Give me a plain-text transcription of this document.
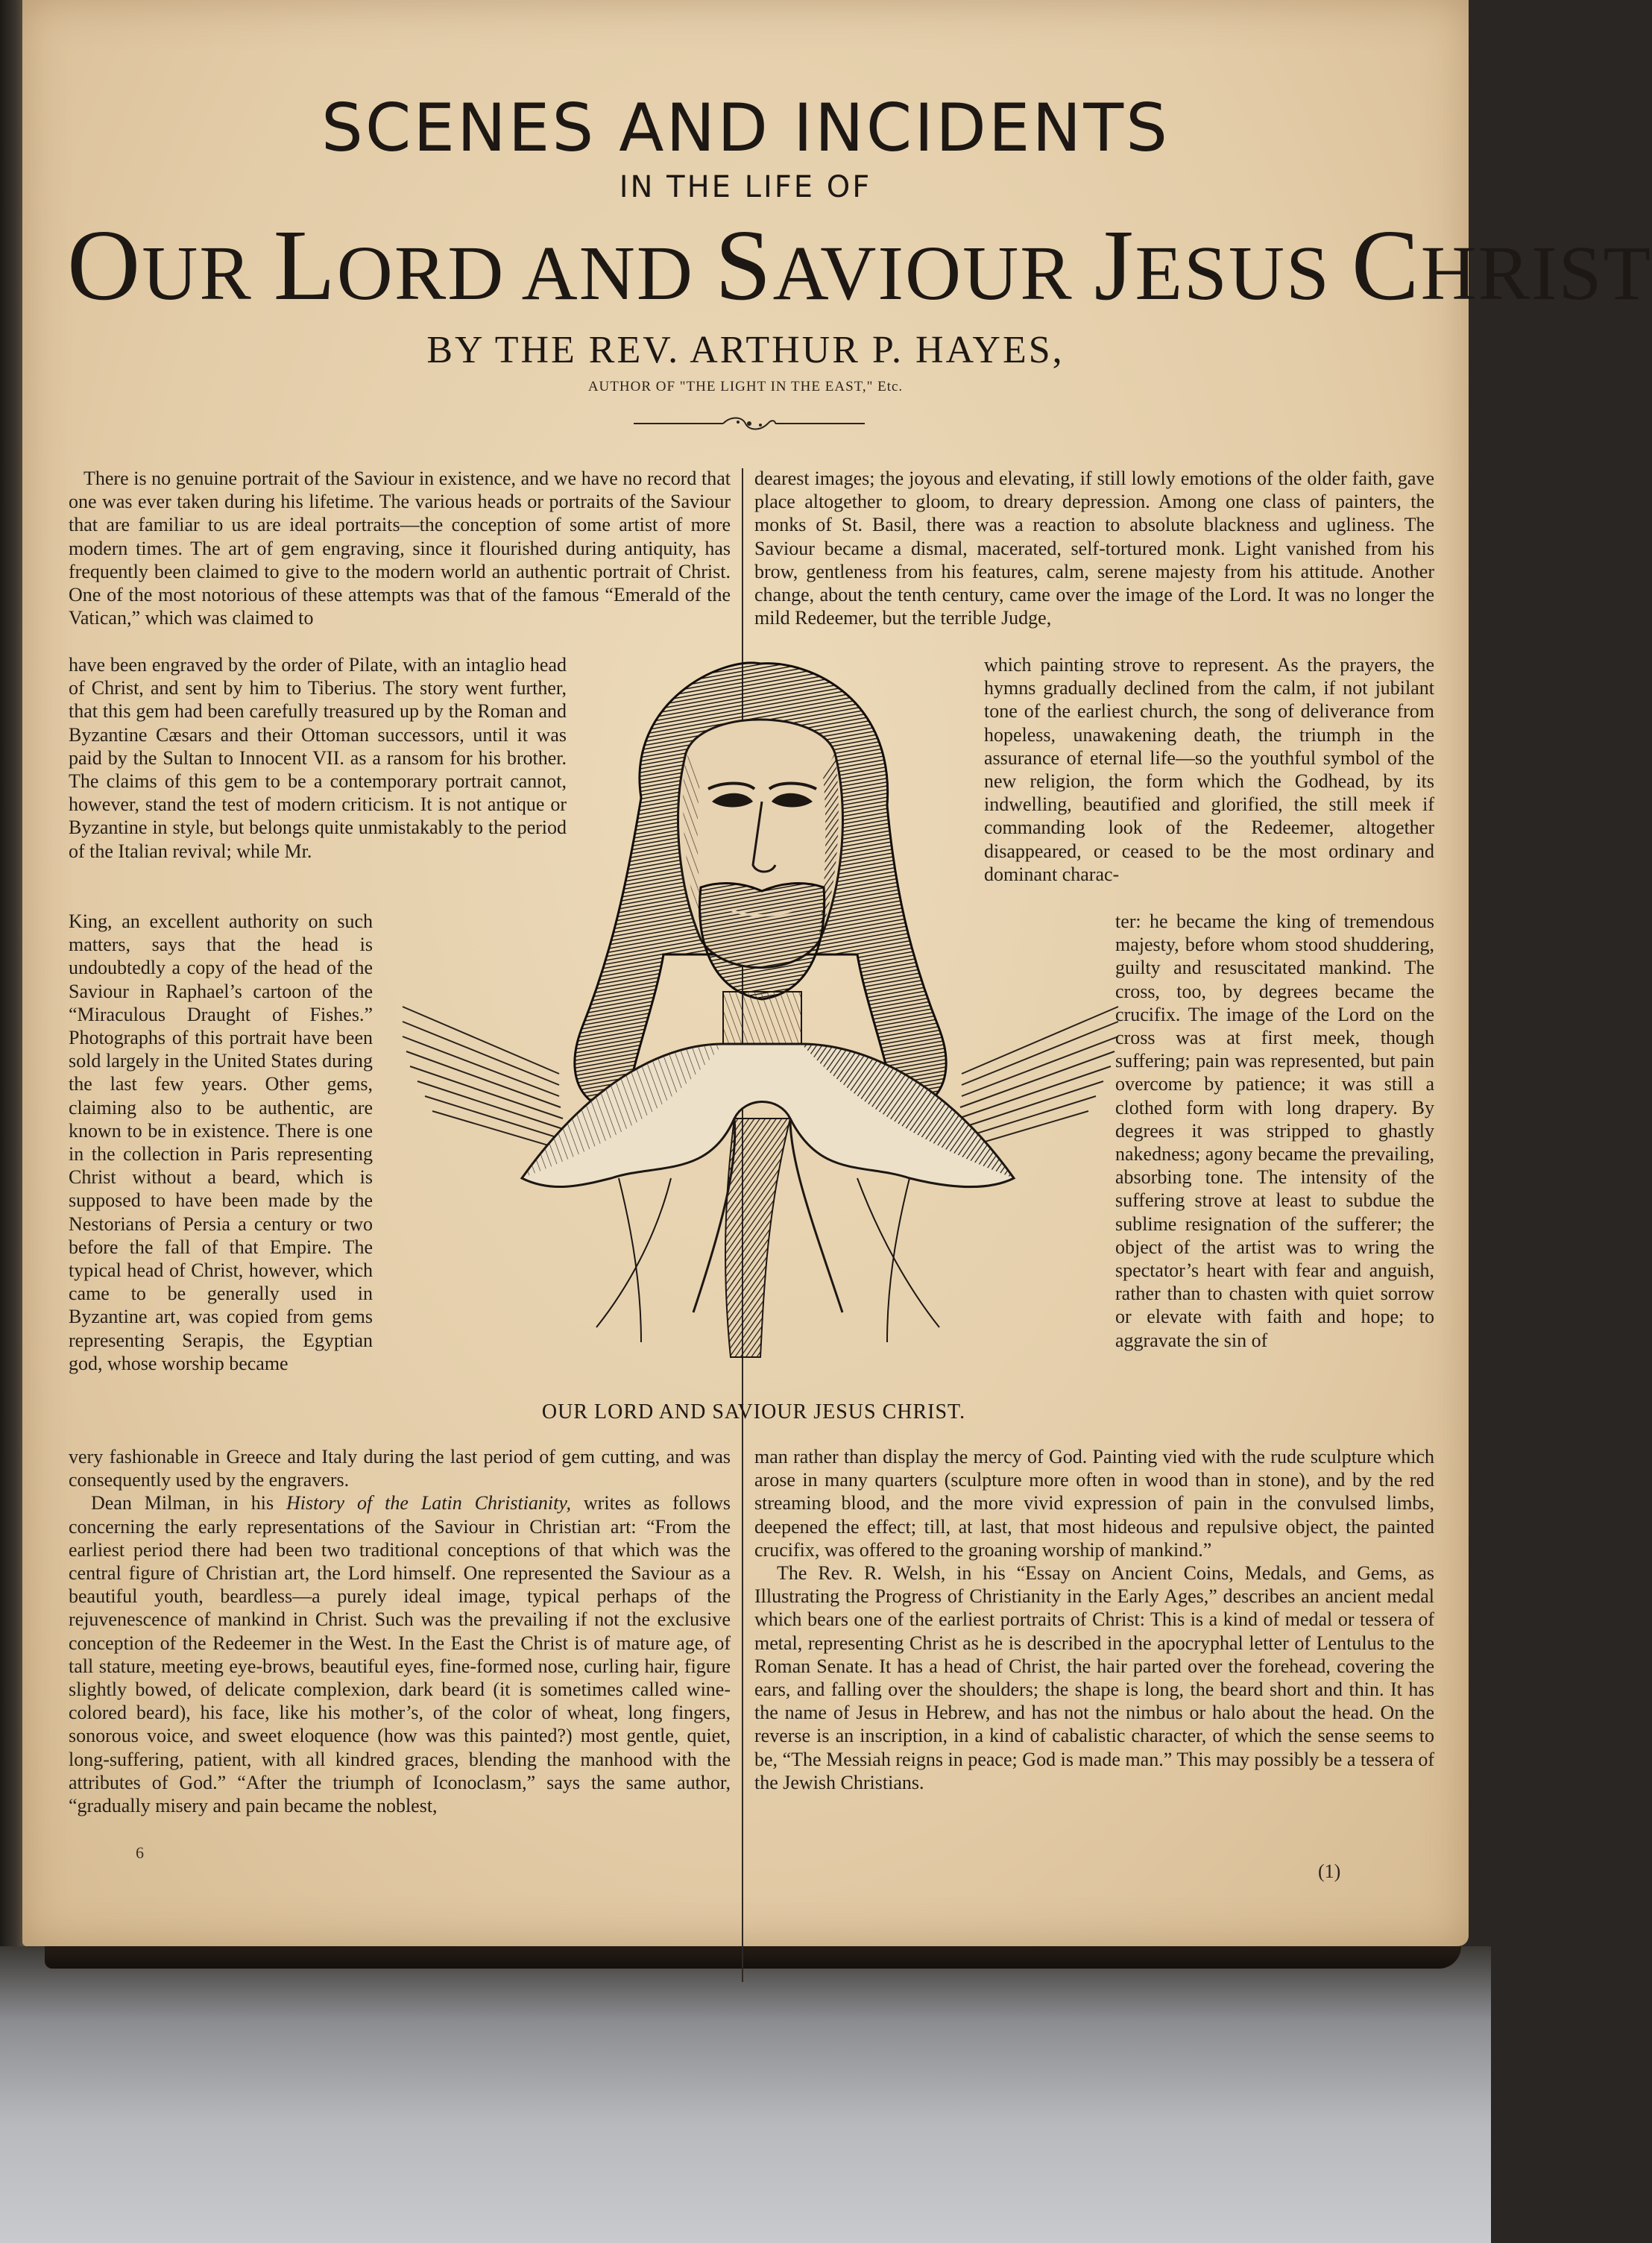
SCENES AND INCIDENTS
IN THE LIFE OF
OUR LORD AND SAVIOUR JESUS CHRIST
BY THE REV. ARTHUR P. HAYES,
AUTHOR OF "THE LIGHT IN THE EAST," Etc.

There is no genuine portrait of the Saviour in existence, and we have no record that one was ever taken during his lifetime. The various heads or portraits of the Saviour that are familiar to us are ideal portraits—the conception of some artist of more modern times. The art of gem engraving, since it flourished during antiquity, has frequently been claimed to give to the modern world an authentic portrait of Christ. One of the most notorious of these attempts was that of the famous “Emerald of the Vatican,” which was claimed to

have been engraved by the order of Pilate, with an intaglio head of Christ, and sent by him to Tiberius. The story went further, that this gem had been carefully treasured up by the Roman and Byzantine Cæsars and their Ottoman successors, until it was paid by the Sultan to Innocent VII. as a ransom for his brother. The claims of this gem to be a contemporary portrait cannot, however, stand the test of modern criticism. It is not antique or Byzantine in style, but belongs quite unmistakably to the period of the Italian revival; while Mr.

King, an excellent authority on such matters, says that the head is undoubtedly a copy of the head of the Saviour in Raphael’s cartoon of the “Miraculous Draught of Fishes.” Photographs of this portrait have been sold largely in the United States during the last few years. Other gems, claiming also to be authentic, are known to be in existence. There is one in the collection in Paris representing Christ without a beard, which is supposed to have been made by the Nestorians of Persia a century or two before the fall of that Empire. The typical head of Christ, however, which came to be generally used in Byzantine art, was copied from gems representing Serapis, the Egyptian god, whose worship became

very fashionable in Greece and Italy during the last period of gem cutting, and was consequently used by the engravers.

Dean Milman, in his History of the Latin Christianity, writes as follows concerning the early representations of the Saviour in Christian art: “From the earliest period there had been two traditional conceptions of that which was the central figure of Christian art, the Lord himself. One represented the Saviour as a beautiful youth, beardless—a purely ideal image, typical perhaps of the rejuvenescence of mankind in Christ. Such was the prevailing if not the exclusive conception of the Redeemer in the West. In the East the Christ is of mature age, of tall stature, meeting eye-brows, beautiful eyes, fine-formed nose, curling hair, figure slightly bowed, of delicate complexion, dark beard (it is sometimes called wine-colored beard), his face, like his mother’s, of the color of wheat, long fingers, sonorous voice, and sweet eloquence (how was this painted?) most gentle, quiet, long-suffering, patient, with all kindred graces, blending the manhood with the attributes of God.” “After the triumph of Iconoclasm,” says the same author, “gradually misery and pain became the noblest,

dearest images; the joyous and elevating, if still lowly emotions of the older faith, gave place altogether to gloom, to dreary depression. Among one class of painters, the monks of St. Basil, there was a reaction to absolute blackness and ugliness. The Saviour became a dismal, macerated, self-tortured monk. Light vanished from his brow, gentleness from his features, calm, serene majesty from his attitude. Another change, about the tenth century, came over the image of the Lord. It was no longer the mild Redeemer, but the terrible Judge,

which painting strove to represent. As the prayers, the hymns gradually declined from the calm, if not jubilant tone of the earliest church, the song of deliverance from hopeless, unawakening death, the triumph in the assurance of eternal life—so the youthful symbol of the new religion, the form which the Godhead, by its indwelling, beautified and glorified, the still meek if commanding look of the Redeemer, altogether disappeared, or ceased to be the most ordinary and dominant charac-

ter: he became the king of tremendous majesty, before whom stood shuddering, guilty and resuscitated mankind. The cross, too, by degrees became the crucifix. The image of the Lord on the cross was at first meek, though suffering; pain was represented, but pain overcome by patience; it was still a clothed form with long drapery. By degrees it was stripped to ghastly nakedness; agony became the prevailing, absorbing tone. The intensity of the suffering strove at least to subdue the sublime resignation of the sufferer; the object of the artist was to wring the spectator’s heart with fear and anguish, rather than to chasten with quiet sorrow or elevate with faith and hope; to aggravate the sin of

man rather than display the mercy of God. Painting vied with the rude sculpture which arose in many quarters (sculpture more often in wood than in stone), and by the red streaming blood, and the more vivid expression of pain in the convulsed limbs, deepened the effect; till, at last, that most hideous and repulsive object, the painted crucifix, was offered to the groaning worship of mankind.”

The Rev. R. Welsh, in his “Essay on Ancient Coins, Medals, and Gems, as Illustrating the Progress of Christianity in the Early Ages,” describes an ancient medal which bears one of the earliest portraits of Christ: This is a kind of medal or tessera of metal, representing Christ as he is described in the apocryphal letter of Lentulus to the Roman Senate. It has a head of Christ, the hair parted over the forehead, covering the ears, and falling over the shoulders; the shape is long, the beard short and thin. It has the name of Jesus in Hebrew, and has not the nimbus or halo about the head. On the reverse is an inscription, in a kind of cabalistic character, of which the sense seems to be, “The Messiah reigns in peace; God is made man.” This may possibly be a tessera of the Jewish Christians.

OUR LORD AND SAVIOUR JESUS CHRIST.
6
(1)
